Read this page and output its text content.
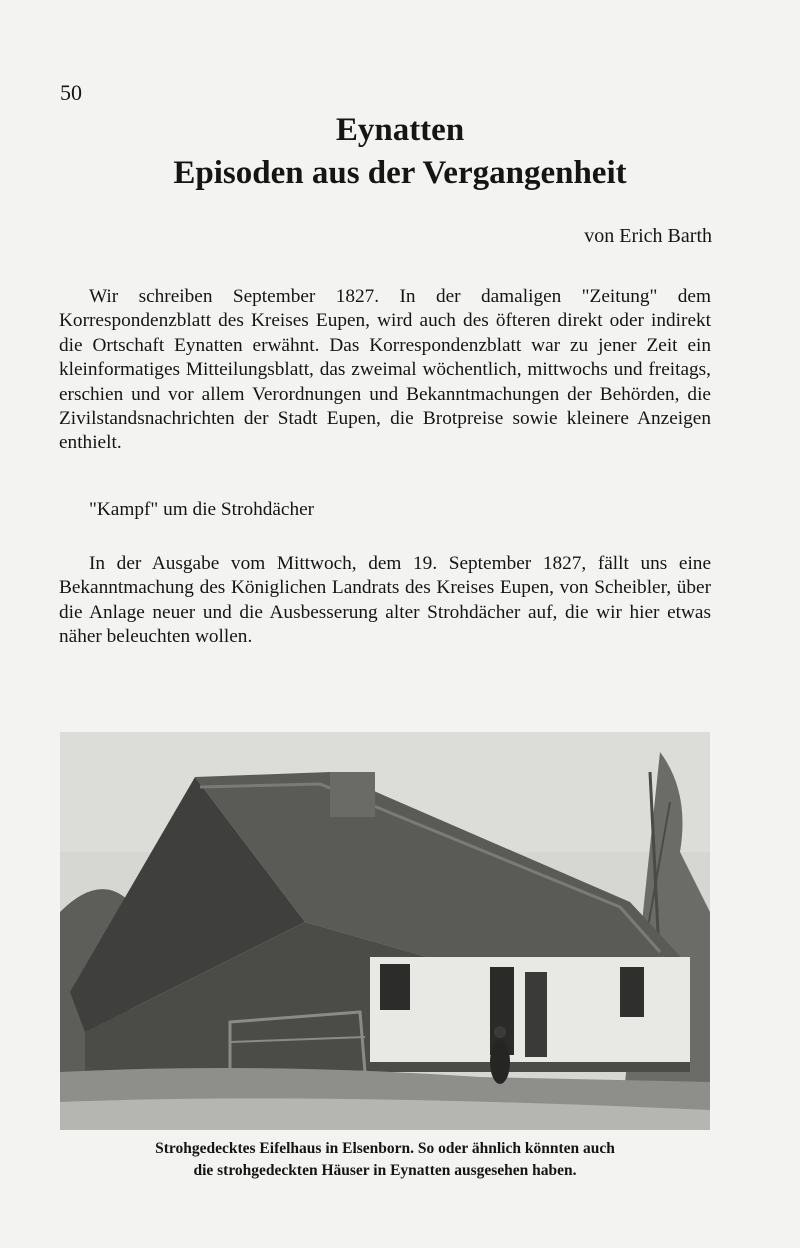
50
Eynatten
Episoden aus der Vergangenheit
von Erich Barth

Wir schreiben September 1827. In der damaligen "Zeitung" dem Korrespondenzblatt des Kreises Eupen, wird auch des öfteren direkt oder indirekt die Ortschaft Eynatten erwähnt. Das Korrespondenzblatt war zu jener Zeit ein kleinformatiges Mitteilungsblatt, das zweimal wöchentlich, mittwochs und freitags, erschien und vor allem Verordnungen und Bekanntmachungen der Behörden, die Zivilstandsnachrichten der Stadt Eupen, die Brotpreise sowie kleinere Anzeigen enthielt.

"Kampf" um die Strohdächer

In der Ausgabe vom Mittwoch, dem 19. September 1827, fällt uns eine Bekanntmachung des Königlichen Landrats des Kreises Eupen, von Scheibler, über die Anlage neuer und die Ausbesserung alter Strohdächer auf, die wir hier etwas näher beleuchten wollen.

Strohgedecktes Eifelhaus in Elsenborn. So oder ähnlich könnten auch
die strohgedeckten Häuser in Eynatten ausgesehen haben.
